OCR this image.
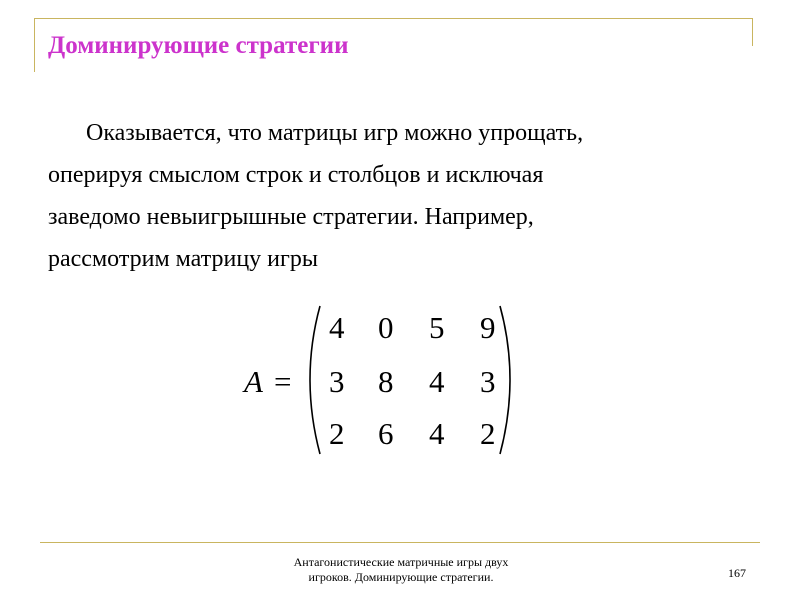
Доминирующие стратегии
Оказывается, что матрицы игр можно упрощать,
оперируя смыслом строк и столбцов и исключая
заведомо невыигрышные стратегии. Например,
рассмотрим матрицу игры
A =
4 0 5 9
3 8 4 3
2 6 4 2
Антагонистические матричные игры двух
игроков. Доминирующие стратегии.	167
